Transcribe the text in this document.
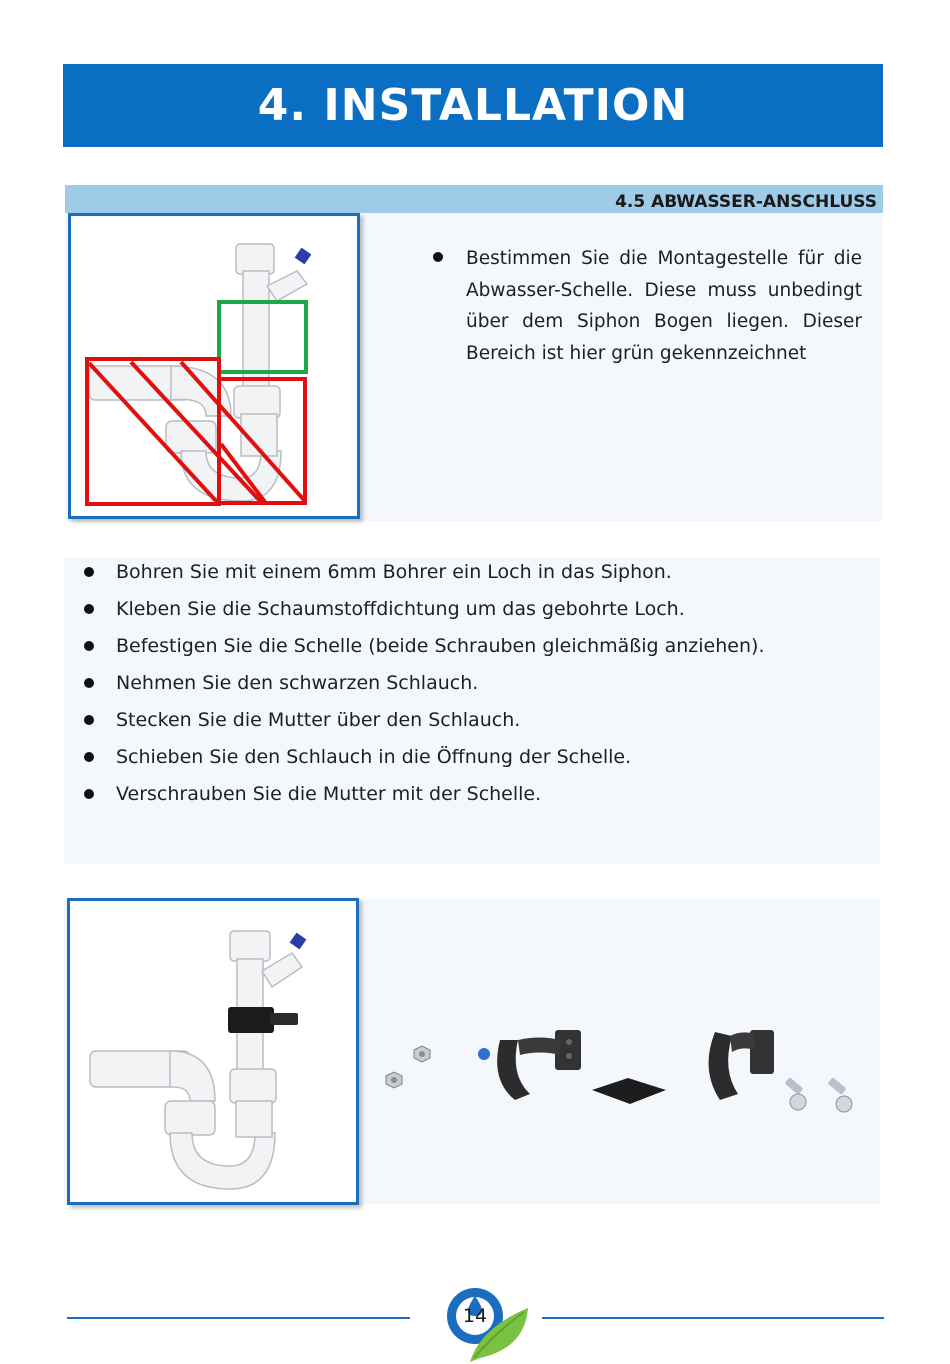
4. INSTALLATION
4.5 ABWASSER-ANSCHLUSS
Bestimmen Sie die Montagestelle für die Abwasser-Schelle. Diese muss unbedingt über dem Siphon Bogen liegen. Dieser Bereich ist hier grün gekennzeichnet
Bohren Sie mit einem 6mm Bohrer ein Loch in das Siphon.
Kleben Sie die Schaumstoffdichtung um das gebohrte Loch.
Befestigen Sie die Schelle (beide Schrauben gleichmäßig anziehen).
Nehmen Sie den schwarzen Schlauch.
Stecken Sie die Mutter über den Schlauch.
Schieben Sie den Schlauch in die Öffnung der Schelle.
Verschrauben Sie die Mutter mit der Schelle.
14
